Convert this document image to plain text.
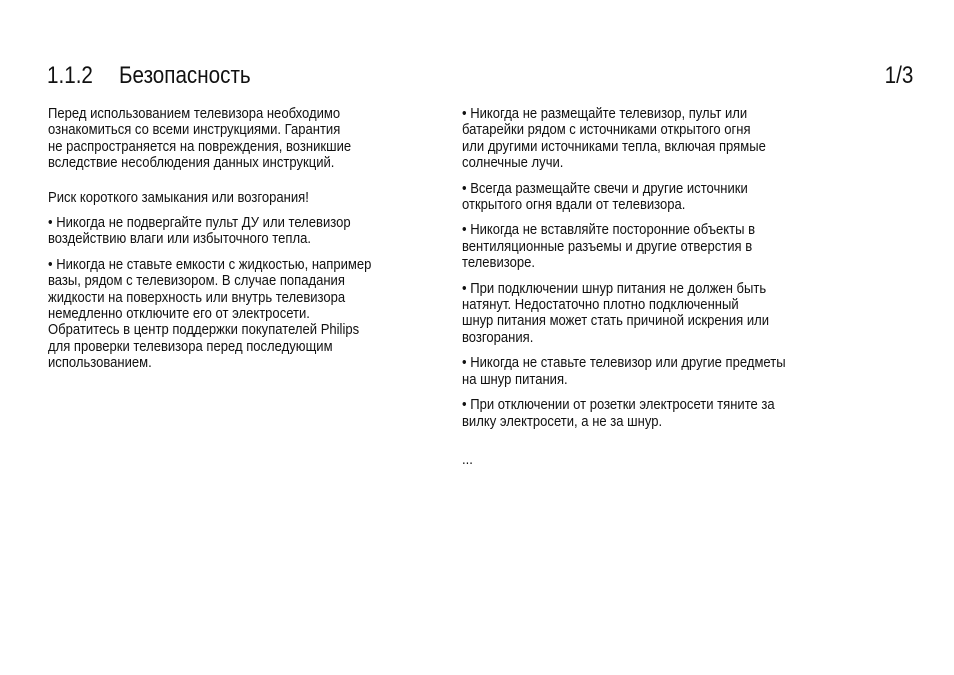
1.1.2 Безопасность	1/3

Перед использованием телевизора необходимо
ознакомиться со всеми инструкциями. Гарантия
не распространяется на повреждения, возникшие
вследствие несоблюдения данных инструкций.

Риск короткого замыкания или возгорания!

• Никогда не подвергайте пульт ДУ или телевизор
воздействию влаги или избыточного тепла.

• Никогда не ставьте емкости с жидкостью, например
вазы, рядом с телевизором. В случае попадания
жидкости на поверхность или внутрь телевизора
немедленно отключите его от электросети.
Обратитесь в центр поддержки покупателей Philips
для проверки телевизора перед последующим
использованием.

• Никогда не размещайте телевизор, пульт или
батарейки рядом с источниками открытого огня
или другими источниками тепла, включая прямые
солнечные лучи.

• Всегда размещайте свечи и другие источники
открытого огня вдали от телевизора.

• Никогда не вставляйте посторонние объекты в
вентиляционные разъемы и другие отверстия в
телевизоре.

• При подключении шнур питания не должен быть
натянут. Недостаточно плотно подключенный
шнур питания может стать причиной искрения или
возгорания.

• Никогда не ставьте телевизор или другие предметы
на шнур питания.

• При отключении от розетки электросети тяните за
вилку электросети, а не за шнур.

...
